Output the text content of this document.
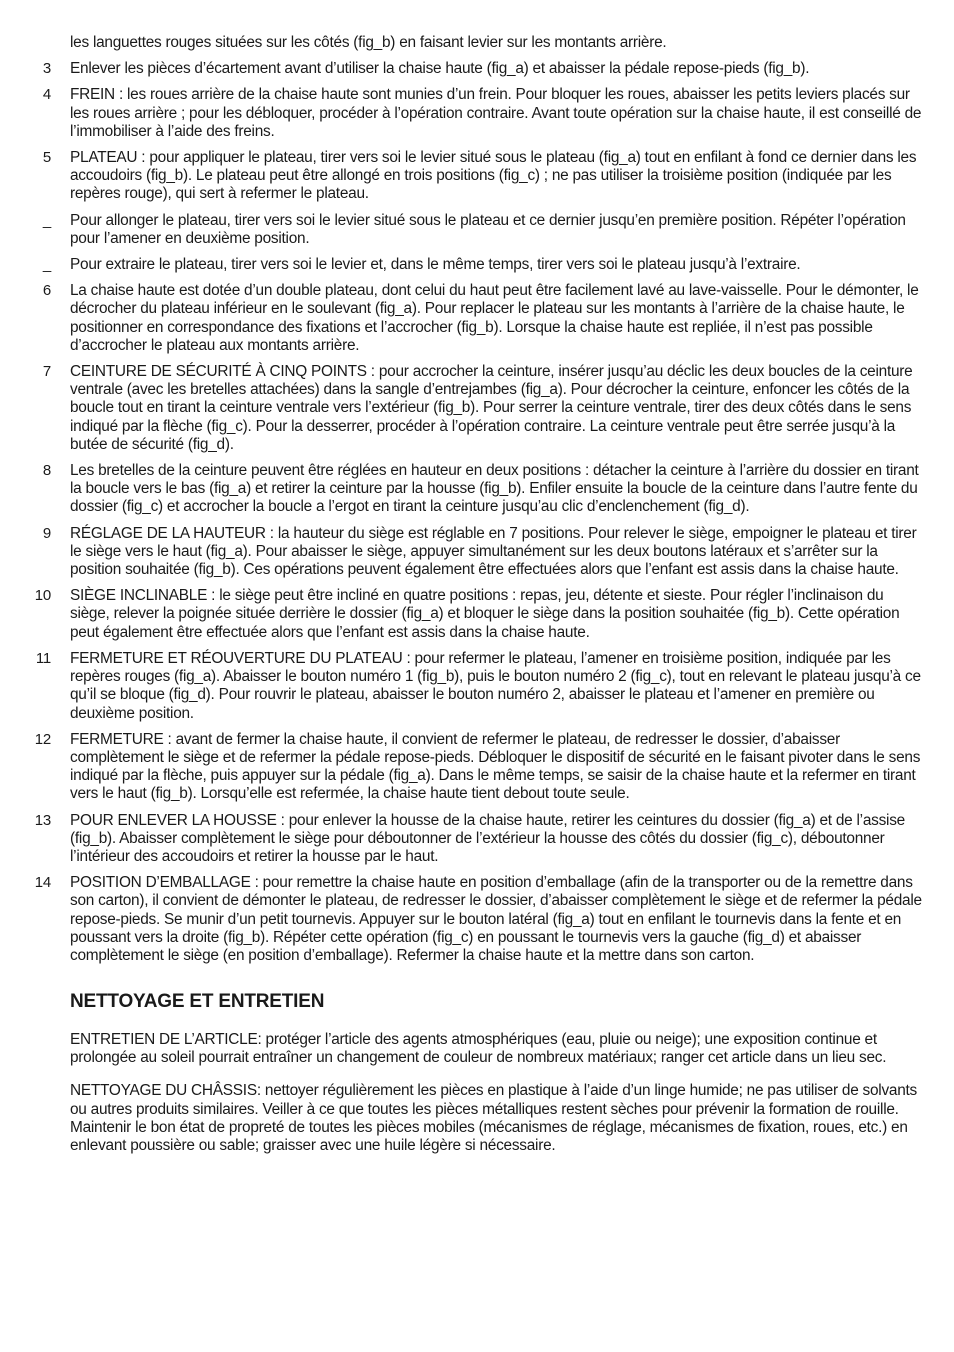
les languettes rouges situées sur les côtés (fig_b) en faisant levier sur les montants arrière.
3 Enlever les pièces d’écartement avant d’utiliser la chaise haute (fig_a) et abaisser la pédale repose-pieds (fig_b).
4 FREIN : les roues arrière de la chaise haute sont munies d’un frein. Pour bloquer les roues, abaisser les petits leviers placés sur les roues arrière ; pour les débloquer, procéder à l’opération contraire. Avant toute opération sur la chaise haute, il est conseillé de l’immobiliser à l’aide des freins.
5 PLATEAU : pour appliquer le plateau, tirer vers soi le levier situé sous le plateau (fig_a) tout en enfilant à fond ce dernier dans les accoudoirs (fig_b). Le plateau peut être allongé en trois positions (fig_c) ; ne pas utiliser la troisième position (indiquée par les repères rouge), qui sert à refermer le plateau.
_ Pour allonger le plateau, tirer vers soi le levier situé sous le plateau et ce dernier jusqu’en première position. Répéter l’opération pour l’amener en deuxième position.
_ Pour extraire le plateau, tirer vers soi le levier et, dans le même temps, tirer vers soi le plateau jusqu’à l’extraire.
6 La chaise haute est dotée d’un double plateau, dont celui du haut peut être facilement lavé au lave-vaisselle. Pour le démonter, le décrocher du plateau inférieur en le soulevant (fig_a). Pour replacer le plateau sur les montants à l’arrière de la chaise haute, le positionner en correspondance des fixations et l’accrocher (fig_b). Lorsque la chaise haute est repliée, il n’est pas possible d’accrocher le plateau aux montants arrière.
7 CEINTURE DE SÉCURITÉ À CINQ POINTS : pour accrocher la ceinture, insérer jusqu’au déclic les deux boucles de la ceinture ventrale (avec les bretelles attachées) dans la sangle d’entrejambes (fig_a). Pour décrocher la ceinture, enfoncer les côtés de la boucle tout en tirant la ceinture ventrale vers l’extérieur (fig_b). Pour serrer la ceinture ventrale, tirer des deux côtés dans le sens indiqué par la flèche (fig_c). Pour la desserrer, procéder à l’opération contraire. La ceinture ventrale peut être serrée jusqu’à la butée de sécurité (fig_d).
8 Les bretelles de la ceinture peuvent être réglées en hauteur en deux positions : détacher la ceinture à l’arrière du dossier en tirant la boucle vers le bas (fig_a) et retirer la ceinture par la housse (fig_b). Enfiler ensuite la boucle de la ceinture dans l’autre fente du dossier (fig_c) et accrocher la boucle a l’ergot en tirant la ceinture jusqu’au clic d’enclenchement (fig_d).
9 RÉGLAGE DE LA HAUTEUR : la hauteur du siège est réglable en 7 positions. Pour relever le siège, empoigner le plateau et tirer le siège vers le haut (fig_a). Pour abaisser le siège, appuyer simultanément sur les deux boutons latéraux et s’arrêter sur la position souhaitée (fig_b). Ces opérations peuvent également être effectuées alors que l’enfant est assis dans la chaise haute.
10 SIÈGE INCLINABLE : le siège peut être incliné en quatre positions : repas, jeu, détente et sieste. Pour régler l’inclinaison du siège, relever la poignée située derrière le dossier (fig_a) et bloquer le siège dans la position souhaitée (fig_b). Cette opération peut également être effectuée alors que l’enfant est assis dans la chaise haute.
11 FERMETURE ET RÉOUVERTURE DU PLATEAU : pour refermer le plateau, l’amener en troisième position, indiquée par les repères rouges (fig_a). Abaisser le bouton numéro 1 (fig_b), puis le bouton numéro 2 (fig_c), tout en relevant le plateau jusqu’à ce qu’il se bloque (fig_d). Pour rouvrir le plateau, abaisser le bouton numéro 2, abaisser le plateau et l’amener en première ou deuxième position.
12 FERMETURE : avant de fermer la chaise haute, il convient de refermer le plateau, de redresser le dossier, d’abaisser complètement le siège et de refermer la pédale repose-pieds. Débloquer le dispositif de sécurité en le faisant pivoter dans le sens indiqué par la flèche, puis appuyer sur la pédale (fig_a). Dans le même temps, se saisir de la chaise haute et la refermer en tirant vers le haut (fig_b). Lorsqu’elle est refermée, la chaise haute tient debout toute seule.
13 POUR ENLEVER LA HOUSSE : pour enlever la housse de la chaise haute, retirer les ceintures du dossier (fig_a) et de l’assise (fig_b). Abaisser complètement le siège pour déboutonner de l’extérieur la housse des côtés du dossier (fig_c), déboutonner l’intérieur des accoudoirs et retirer la housse par le haut.
14 POSITION D’EMBALLAGE : pour remettre la chaise haute en position d’emballage (afin de la transporter ou de la remettre dans son carton), il convient de démonter le plateau, de redresser le dossier, d’abaisser complètement le siège et de refermer la pédale repose-pieds. Se munir d’un petit tournevis. Appuyer sur le bouton latéral (fig_a) tout en enfilant le tournevis dans la fente et en poussant vers la droite (fig_b). Répéter cette opération (fig_c) en poussant le tournevis vers la gauche (fig_d) et abaisser complètement le siège (en position d’emballage). Refermer la chaise haute et la mettre dans son carton.
NETTOYAGE ET ENTRETIEN

ENTRETIEN DE L’ARTICLE: protéger l’article des agents atmosphériques (eau, pluie ou neige); une exposition continue et prolongée au soleil pourrait entraîner un changement de couleur de nombreux matériaux; ranger cet article dans un lieu sec.

NETTOYAGE DU CHÂSSIS: nettoyer régulièrement les pièces en plastique à l’aide d’un linge humide; ne pas utiliser de solvants ou autres produits similaires. Veiller à ce que toutes les pièces métalliques restent sèches pour prévenir la formation de rouille. Maintenir le bon état de propreté de toutes les pièces mobiles (mécanismes de réglage, mécanismes de fixation, roues, etc.) en enlevant poussière ou sable; graisser avec une huile légère si nécessaire.
